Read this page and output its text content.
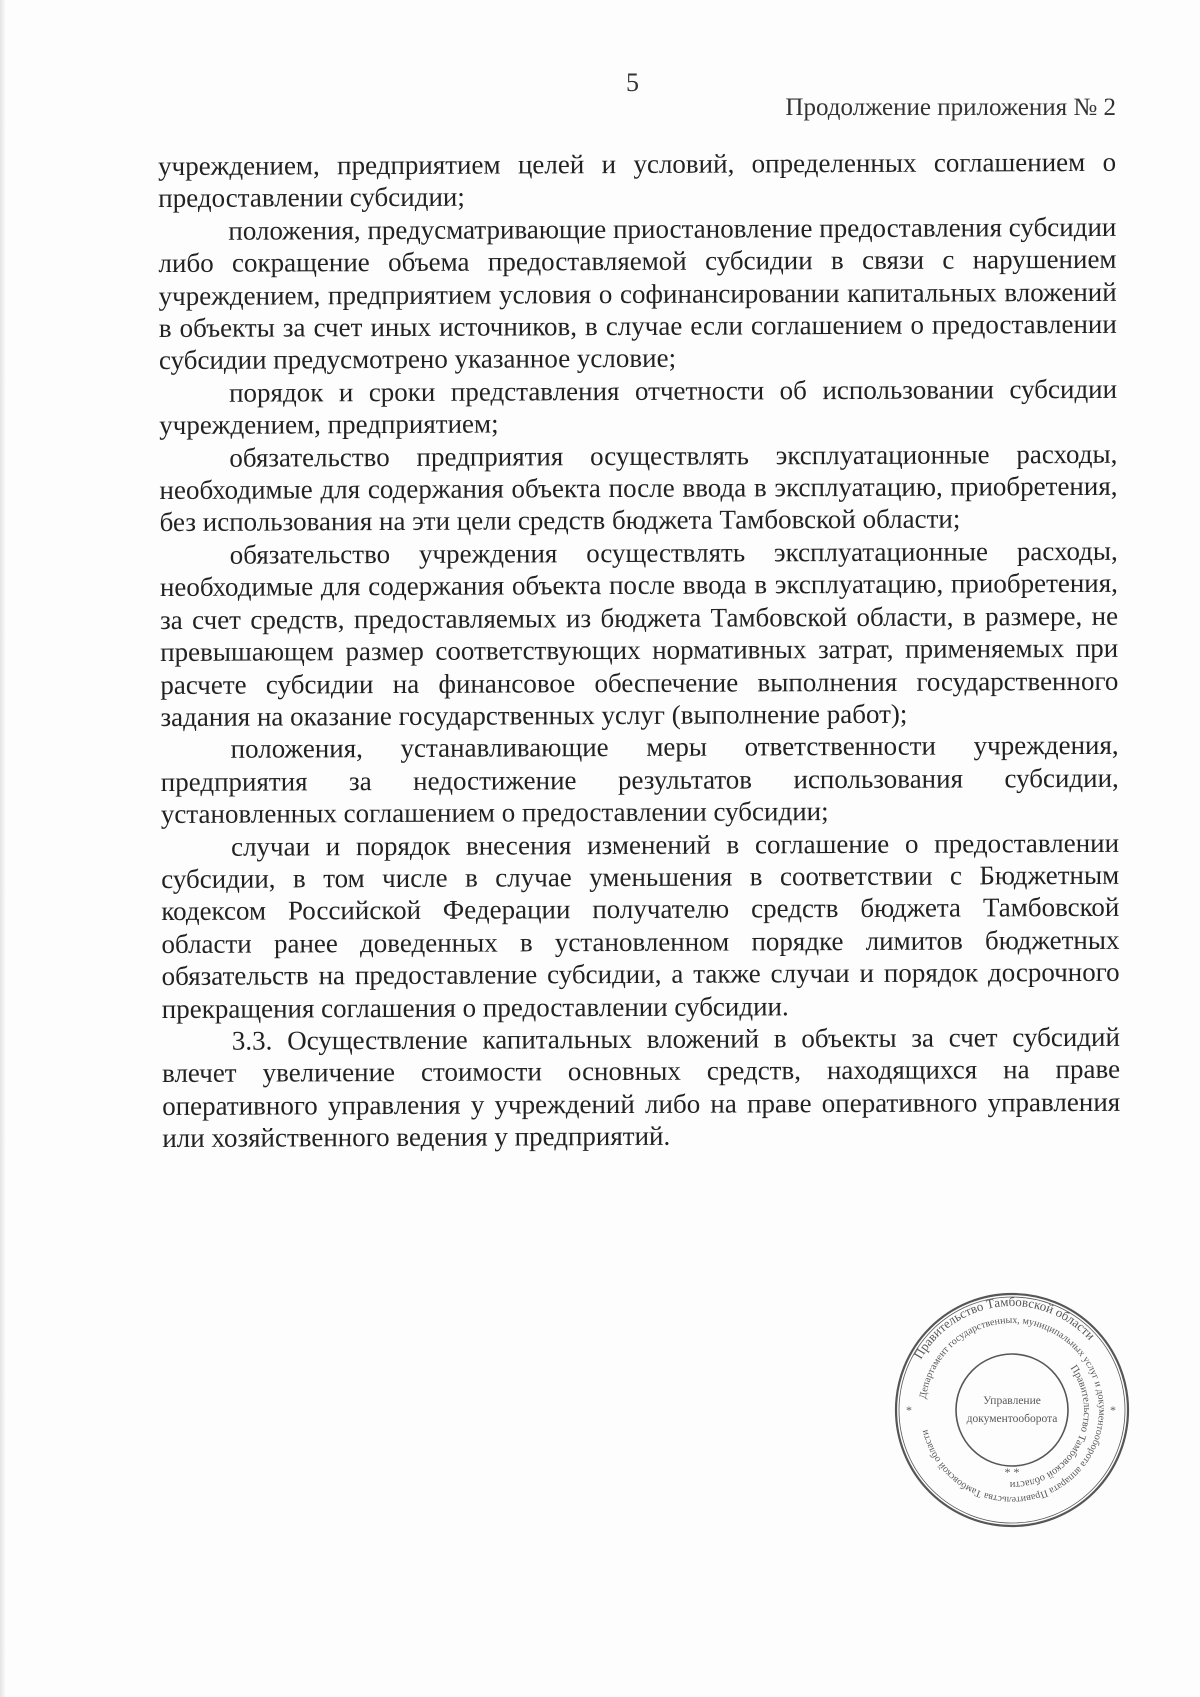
5
Продолжение приложения № 2

учреждением, предприятием целей и условий, определенных соглашением о предоставлении субсидии;

положения, предусматривающие приостановление предоставления субсидии либо сокращение объема предоставляемой субсидии в связи с нарушением учреждением, предприятием условия о софинансировании капитальных вложений в объекты за счет иных источников, в случае если соглашением о предоставлении субсидии предусмотрено указанное условие;

порядок и сроки представления отчетности об использовании субсидии учреждением, предприятием;

обязательство предприятия осуществлять эксплуатационные расходы, необходимые для содержания объекта после ввода в эксплуатацию, приобретения, без использования на эти цели средств бюджета Тамбовской области;

обязательство учреждения осуществлять эксплуатационные расходы, необходимые для содержания объекта после ввода в эксплуатацию, приобретения, за счет средств, предоставляемых из бюджета Тамбовской области, в размере, не превышающем размер соответствующих нормативных затрат, применяемых при расчете субсидии на финансовое обеспечение выполнения государственного задания на оказание государственных услуг (выполнение работ);

положения, устанавливающие меры ответственности учреждения, предприятия за недостижение результатов использования субсидии, установленных соглашением о предоставлении субсидии;

случаи и порядок внесения изменений в соглашение о предоставлении субсидии, в том числе в случае уменьшения в соответствии с Бюджетным кодексом Российской Федерации получателю средств бюджета Тамбовской области ранее доведенных в установленном порядке лимитов бюджетных обязательств на предоставление субсидии, а также случаи и порядок досрочного прекращения соглашения о предоставлении субсидии.

3.3. Осуществление капитальных вложений в объекты за счет субсидий влечет увеличение стоимости основных средств, находящихся на праве оперативного управления у учреждений либо на праве оперативного управления или хозяйственного ведения у предприятий.

Правительство Тамбовской области
Департамент государственных, муниципальных услуг и документооборота аппарата Правительства Тамбовской области
Правительство Тамбовской области
Управление
документооборота
* *
*	*
